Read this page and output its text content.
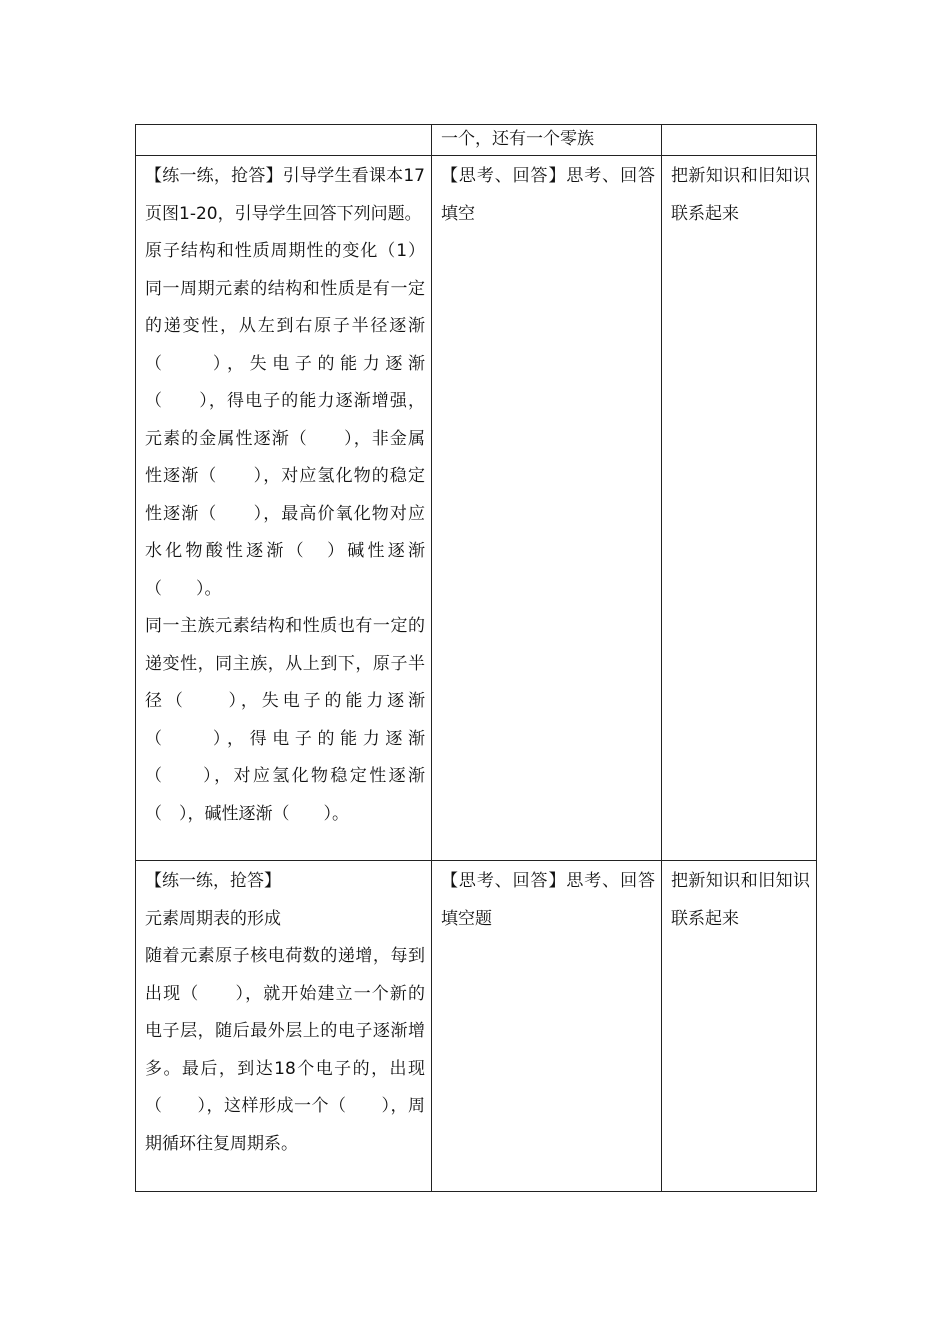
	一个，还有一个零族	

【练一练，抢答】引导学生看课本17页图1-20，引导学生回答下列问题。

原子结构和性质周期性的变化（1）同一周期元素的结构和性质是有一定的递变性，从左到右原子半径逐渐（　　），失电子的能力逐渐（　　），得电子的能力逐渐增强，元素的金属性逐渐（　　），非金属性逐渐（　　），对应氢化物的稳定性逐渐（　　），最高价氧化物对应水化物酸性逐渐（　）碱性逐渐（　　）。

同一主族元素结构和性质也有一定的递变性，同主族，从上到下，原子半径（　　），失电子的能力逐渐（　　），得电子的能力逐渐（　　），对应氢化物稳定性逐渐（　），碱性逐渐（　　）。	【思考、回答】思考、回答填空	把新知识和旧知识联系起来

【练一练，抢答】

元素周期表的形成

随着元素原子核电荷数的递增，每到出现（　　），就开始建立一个新的电子层，随后最外层上的电子逐渐增多。最后，到达18个电子的，出现（　　），这样形成一个（　　），周期循环往复周期系。	【思考、回答】思考、回答填空题	把新知识和旧知识联系起来
